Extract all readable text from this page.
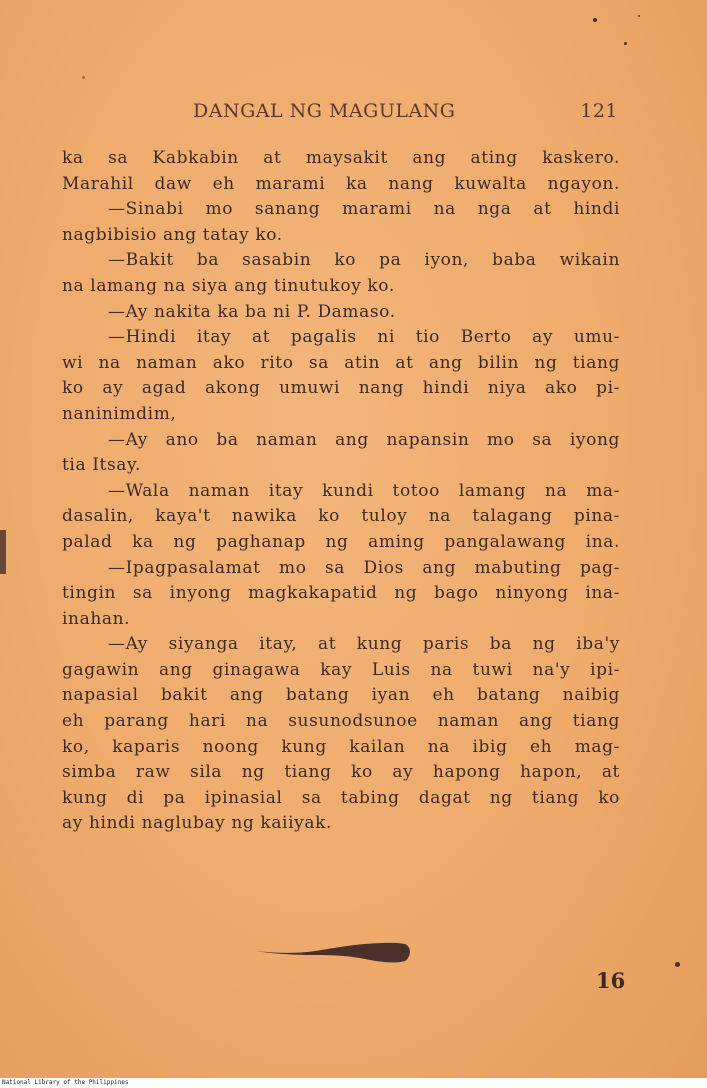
DANGAL NG MAGULANG	121
ka sa Kabkabin at maysakit ang ating kaskero.
Marahil daw eh marami ka nang kuwalta ngayon.
—Sinabi mo sanang marami na nga at hindi
nagbibisio ang tatay ko.
—Bakit ba sasabin ko pa iyon, baba wikain
na lamang na siya ang tinutukoy ko.
—Ay nakita ka ba ni P. Damaso.
—Hindi itay at pagalis ni tio Berto ay umu-
wi na naman ako rito sa atin at ang bilin ng tiang
ko ay agad akong umuwi nang hindi niya ako pi-
naninimdim,
—Ay ano ba naman ang napansin mo sa iyong
tia Itsay.
—Wala naman itay kundi totoo lamang na ma-
dasalin, kaya't nawika ko tuloy na talagang pina-
palad ka ng paghanap ng aming pangalawang ina.
—Ipagpasalamat mo sa Dios ang mabuting pag-
tingin sa inyong magkakapatid ng bago ninyong ina-
inahan.
—Ay siyanga itay, at kung paris ba ng iba'y
gagawin ang ginagawa kay Luis na tuwi na'y ipi-
napasial bakit ang batang iyan eh batang naibig
eh parang hari na susunodsunoe naman ang tiang
ko, kaparis noong kung kailan na ibig eh mag-
simba raw sila ng tiang ko ay hapong hapon, at
kung di pa ipinasial sa tabing dagat ng tiang ko
ay hindi naglubay ng kaiiyak.
16
National Library of the Philippines
